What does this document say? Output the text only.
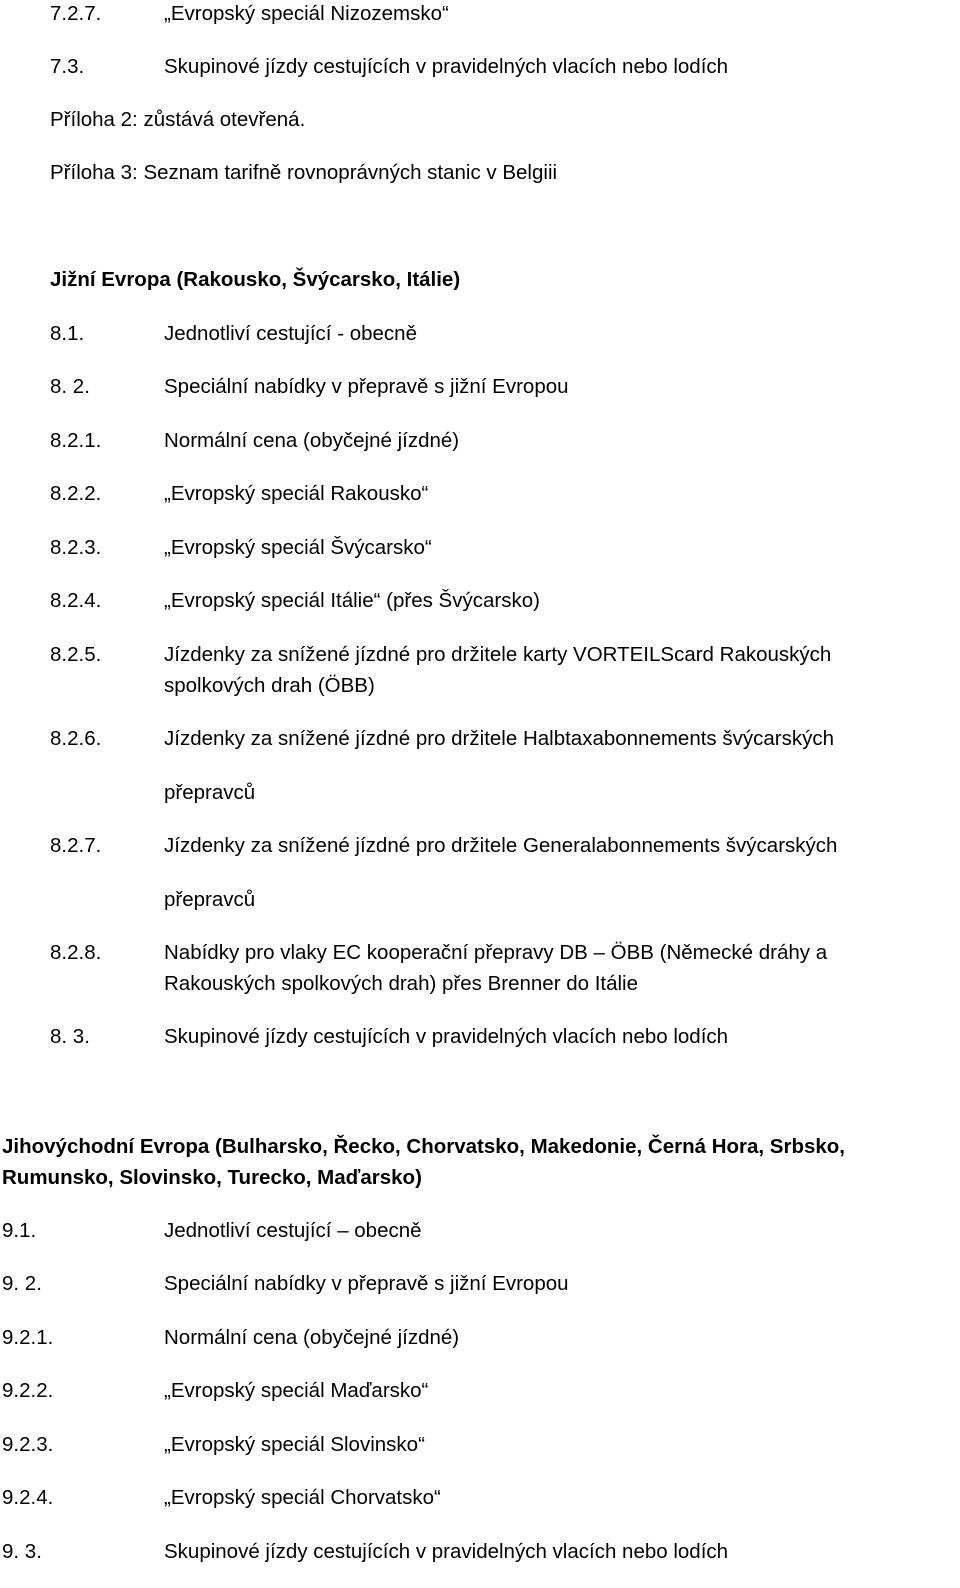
7.2.7.	„Evropský speciál Nizozemsko“
7.3.	Skupinové jízdy cestujících v pravidelných vlacích nebo lodích
Příloha 2: zůstává otevřená.
Příloha 3: Seznam tarifně rovnoprávných stanic v Belgiii
Jižní Evropa (Rakousko, Švýcarsko, Itálie)
8.1.	Jednotliví cestující - obecně
8. 2.	Speciální nabídky v přepravě s jižní Evropou
8.2.1.	Normální cena (obyčejné jízdné)
8.2.2.	„Evropský speciál Rakousko“
8.2.3.	„Evropský speciál Švýcarsko“
8.2.4.	„Evropský speciál Itálie“ (přes Švýcarsko)
8.2.5.	Jízdenky za snížené jízdné pro držitele karty VORTEILScard Rakouských
spolkových drah (ÖBB)
8.2.6.	Jízdenky za snížené jízdné pro držitele Halbtaxabonnements švýcarských
přepravců
8.2.7.	Jízdenky za snížené jízdné pro držitele Generalabonnements švýcarských
přepravců
8.2.8.	Nabídky pro vlaky EC kooperační přepravy DB – ÖBB (Německé dráhy a
Rakouských spolkových drah) přes Brenner do Itálie
8. 3.	Skupinové jízdy cestujících v pravidelných vlacích nebo lodích
Jihovýchodní Evropa (Bulharsko, Řecko, Chorvatsko, Makedonie, Černá Hora, Srbsko,
Rumunsko, Slovinsko, Turecko, Maďarsko)
9.1.	Jednotliví cestující – obecně
9. 2.	Speciální nabídky v přepravě s jižní Evropou
9.2.1.	Normální cena (obyčejné jízdné)
9.2.2.	„Evropský speciál Maďarsko“
9.2.3.	„Evropský speciál Slovinsko“
9.2.4.	„Evropský speciál Chorvatsko“
9. 3.	Skupinové jízdy cestujících v pravidelných vlacích nebo lodích
